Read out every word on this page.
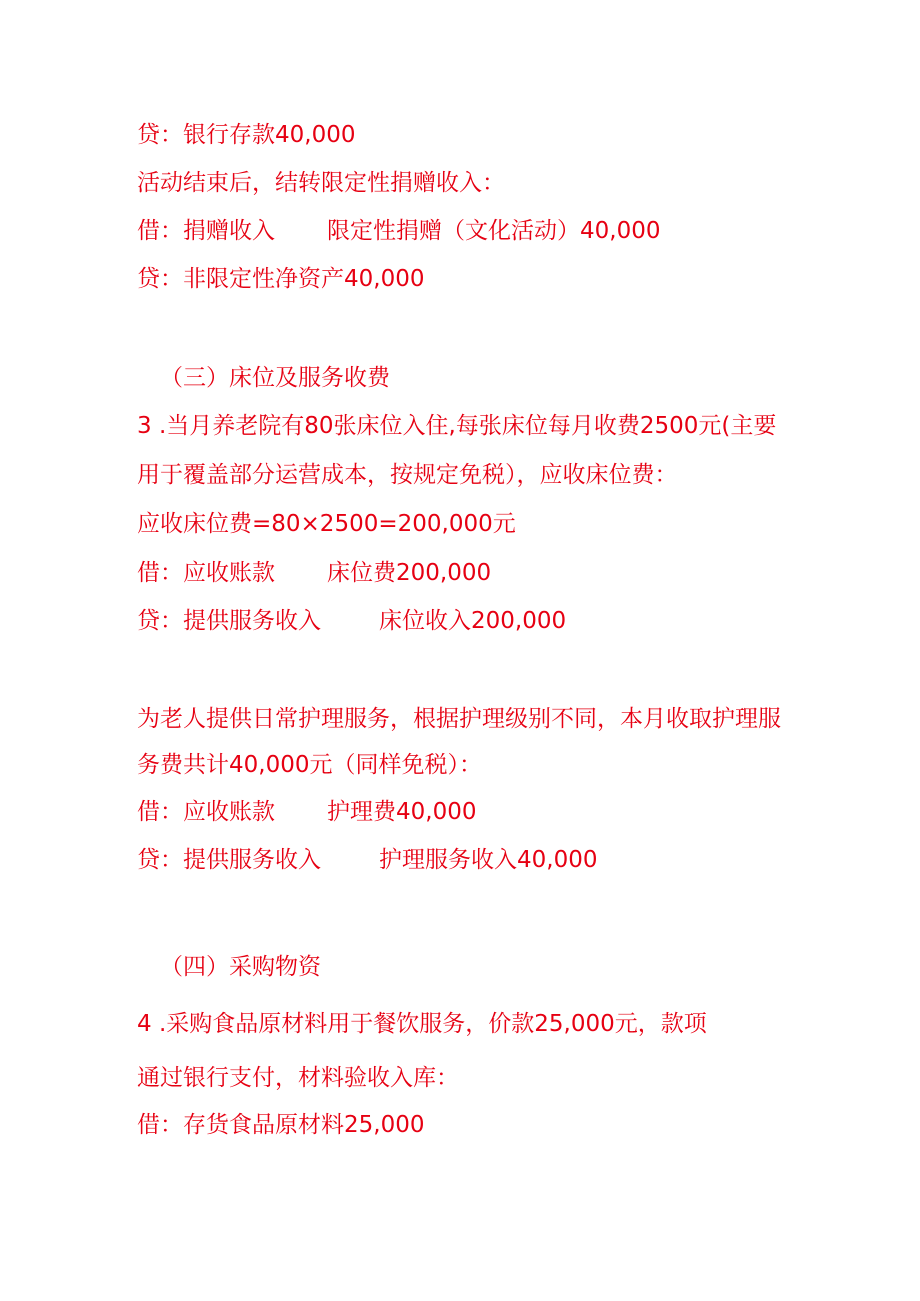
贷：银行存款40,000
活动结束后，结转限定性捐赠收入：
借：捐赠收入 限定性捐赠（文化活动）40,000
贷：非限定性净资产40,000
（三）床位及服务收费
3 .当月养老院有80张床位入住,每张床位每月收费2500元(主要
用于覆盖部分运营成本，按规定免税），应收床位费：
应收床位费=80×2500=200,000元
借：应收账款 床位费200,000
贷：提供服务收入	床位收入200,000
为老人提供日常护理服务，根据护理级别不同，本月收取护理服
务费共计40,000元（同样免税）：
借：应收账款 护理费40,000
贷：提供服务收入	护理服务收入40,000
（四）采购物资
4 .采购食品原材料用于餐饮服务，价款25,000元，款项
通过银行支付，材料验收入库：
借：存货食品原材料25,000
